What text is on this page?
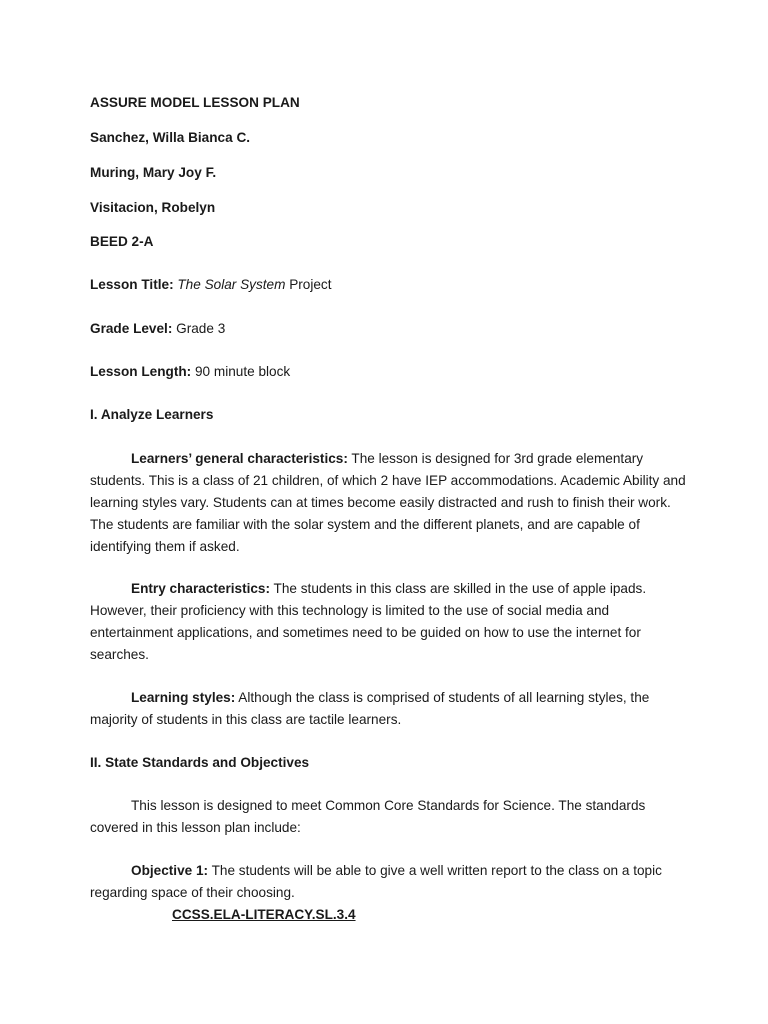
ASSURE MODEL LESSON PLAN
Sanchez, Willa Bianca C.
Muring, Mary Joy F.
Visitacion, Robelyn
BEED 2-A
Lesson Title: The Solar System Project
Grade Level: Grade 3
Lesson Length: 90 minute block
I. Analyze Learners
Learners’ general characteristics: The lesson is designed for 3rd grade elementary students. This is a class of 21 children, of which 2 have IEP accommodations. Academic Ability and learning styles vary. Students can at times become easily distracted and rush to finish their work. The students are familiar with the solar system and the different planets, and are capable of identifying them if asked.
Entry characteristics: The students in this class are skilled in the use of apple ipads. However, their proficiency with this technology is limited to the use of social media and entertainment applications, and sometimes need to be guided on how to use the internet for searches.
Learning styles: Although the class is comprised of students of all learning styles, the majority of students in this class are tactile learners.
II. State Standards and Objectives
This lesson is designed to meet Common Core Standards for Science. The standards covered in this lesson plan include:
Objective 1: The students will be able to give a well written report to the class on a topic regarding space of their choosing.
CCSS.ELA-LITERACY.SL.3.4
